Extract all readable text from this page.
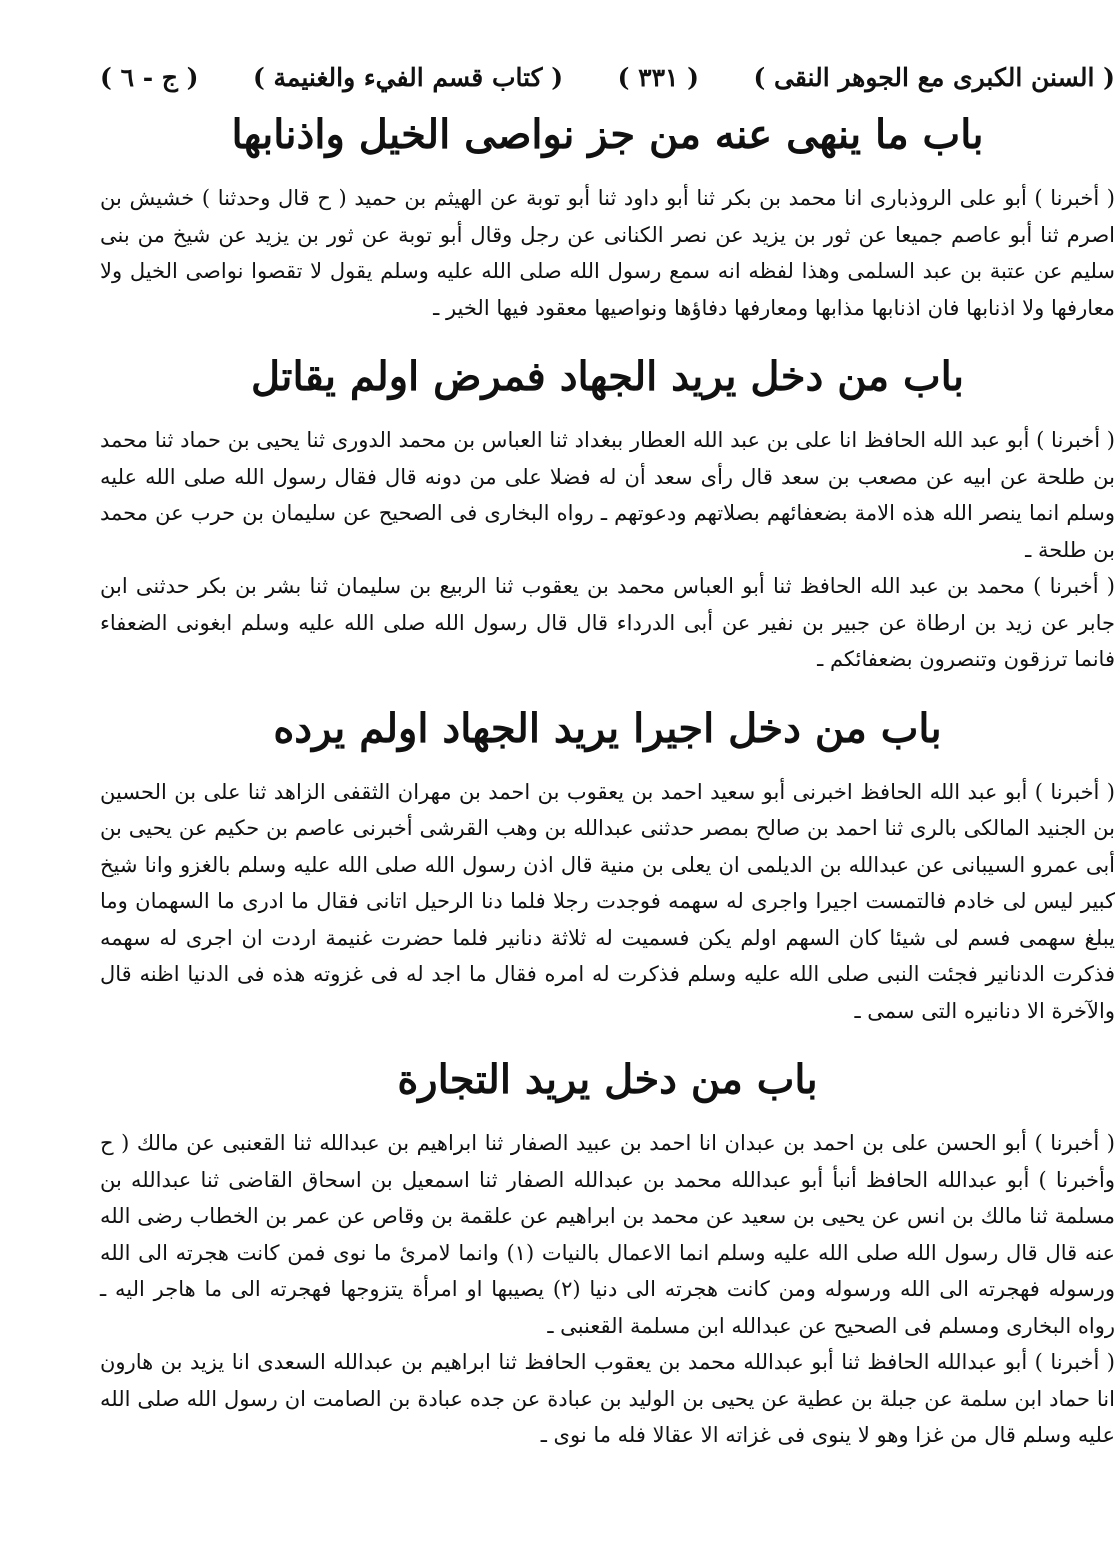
( السنن الكبرى مع الجوهر النقى )
( ٣٣١ )
( كتاب قسم الفيء والغنيمة )
( ج - ٦ )
باب ما ينهى عنه من جز نواصى الخيل واذنابها

( أخبرنا ) أبو على الروذبارى انا محمد بن بكر ثنا أبو داود ثنا أبو توبة عن الهيثم بن حميد ( ح قال وحدثنا ) خشيش بن اصرم ثنا أبو عاصم جميعا عن ثور بن يزيد عن نصر الكنانى عن رجل وقال أبو توبة عن ثور بن يزيد عن شيخ من بنى سليم عن عتبة بن عبد السلمى وهذا لفظه انه سمع رسول الله صلى الله عليه وسلم يقول لا تقصوا نواصى الخيل ولا معارفها ولا اذنابها فان اذنابها مذابها ومعارفها دفاؤها ونواصيها معقود فيها الخير ـ

باب من دخل يريد الجهاد فمرض اولم يقاتل

( أخبرنا ) أبو عبد الله الحافظ انا على بن عبد الله العطار ببغداد ثنا العباس بن محمد الدورى ثنا يحيى بن حماد ثنا محمد بن طلحة عن ابيه عن مصعب بن سعد قال رأى سعد أن له فضلا على من دونه قال فقال رسول الله صلى الله عليه وسلم انما ينصر الله هذه الامة بضعفائهم بصلاتهم ودعوتهم ـ رواه البخارى فى الصحيح عن سليمان بن حرب عن محمد بن طلحة ـ

( أخبرنا ) محمد بن عبد الله الحافظ ثنا أبو العباس محمد بن يعقوب ثنا الربيع بن سليمان ثنا بشر بن بكر حدثنى ابن جابر عن زيد بن ارطاة عن جبير بن نفير عن أبى الدرداء قال قال رسول الله صلى الله عليه وسلم ابغونى الضعفاء فانما ترزقون وتنصرون بضعفائكم ـ

باب من دخل اجيرا يريد الجهاد اولم يرده

( أخبرنا ) أبو عبد الله الحافظ اخبرنى أبو سعيد احمد بن يعقوب بن احمد بن مهران الثقفى الزاهد ثنا على بن الحسين بن الجنيد المالكى بالرى ثنا احمد بن صالح بمصر حدثنى عبدالله بن وهب القرشى أخبرنى عاصم بن حكيم عن يحيى بن أبى عمرو السيبانى عن عبدالله بن الديلمى ان يعلى بن منية قال اذن رسول الله صلى الله عليه وسلم بالغزو وانا شيخ كبير ليس لى خادم فالتمست اجيرا واجرى له سهمه فوجدت رجلا فلما دنا الرحيل اتانى فقال ما ادرى ما السهمان وما يبلغ سهمى فسم لى شيئا كان السهم اولم يكن فسميت له ثلاثة دنانير فلما حضرت غنيمة اردت ان اجرى له سهمه فذكرت الدنانير فجئت النبى صلى الله عليه وسلم فذكرت له امره فقال ما اجد له فى غزوته هذه فى الدنيا اظنه قال والآخرة الا دنانيره التى سمى ـ

باب من دخل يريد التجارة

( أخبرنا ) أبو الحسن على بن احمد بن عبدان انا احمد بن عبيد الصفار ثنا ابراهيم بن عبدالله ثنا القعنبى عن مالك ( ح وأخبرنا ) أبو عبدالله الحافظ أنبأ أبو عبدالله محمد بن عبدالله الصفار ثنا اسمعيل بن اسحاق القاضى ثنا عبدالله بن مسلمة ثنا مالك بن انس عن يحيى بن سعيد عن محمد بن ابراهيم عن علقمة بن وقاص عن عمر بن الخطاب رضى الله عنه قال قال رسول الله صلى الله عليه وسلم انما الاعمال بالنيات (١) وانما لامرئ ما نوى فمن كانت هجرته الى الله ورسوله فهجرته الى الله ورسوله ومن كانت هجرته الى دنيا (٢) يصيبها او امرأة يتزوجها فهجرته الى ما هاجر اليه ـ رواه البخارى ومسلم فى الصحيح عن عبدالله ابن مسلمة القعنبى ـ

( أخبرنا ) أبو عبدالله الحافظ ثنا أبو عبدالله محمد بن يعقوب الحافظ ثنا ابراهيم بن عبدالله السعدى انا يزيد بن هارون انا حماد ابن سلمة عن جبلة بن عطية عن يحيى بن الوليد بن عبادة عن جده عبادة بن الصامت ان رسول الله صلى الله عليه وسلم قال من غزا وهو لا ينوى فى غزاته الا عقالا فله ما نوى ـ
